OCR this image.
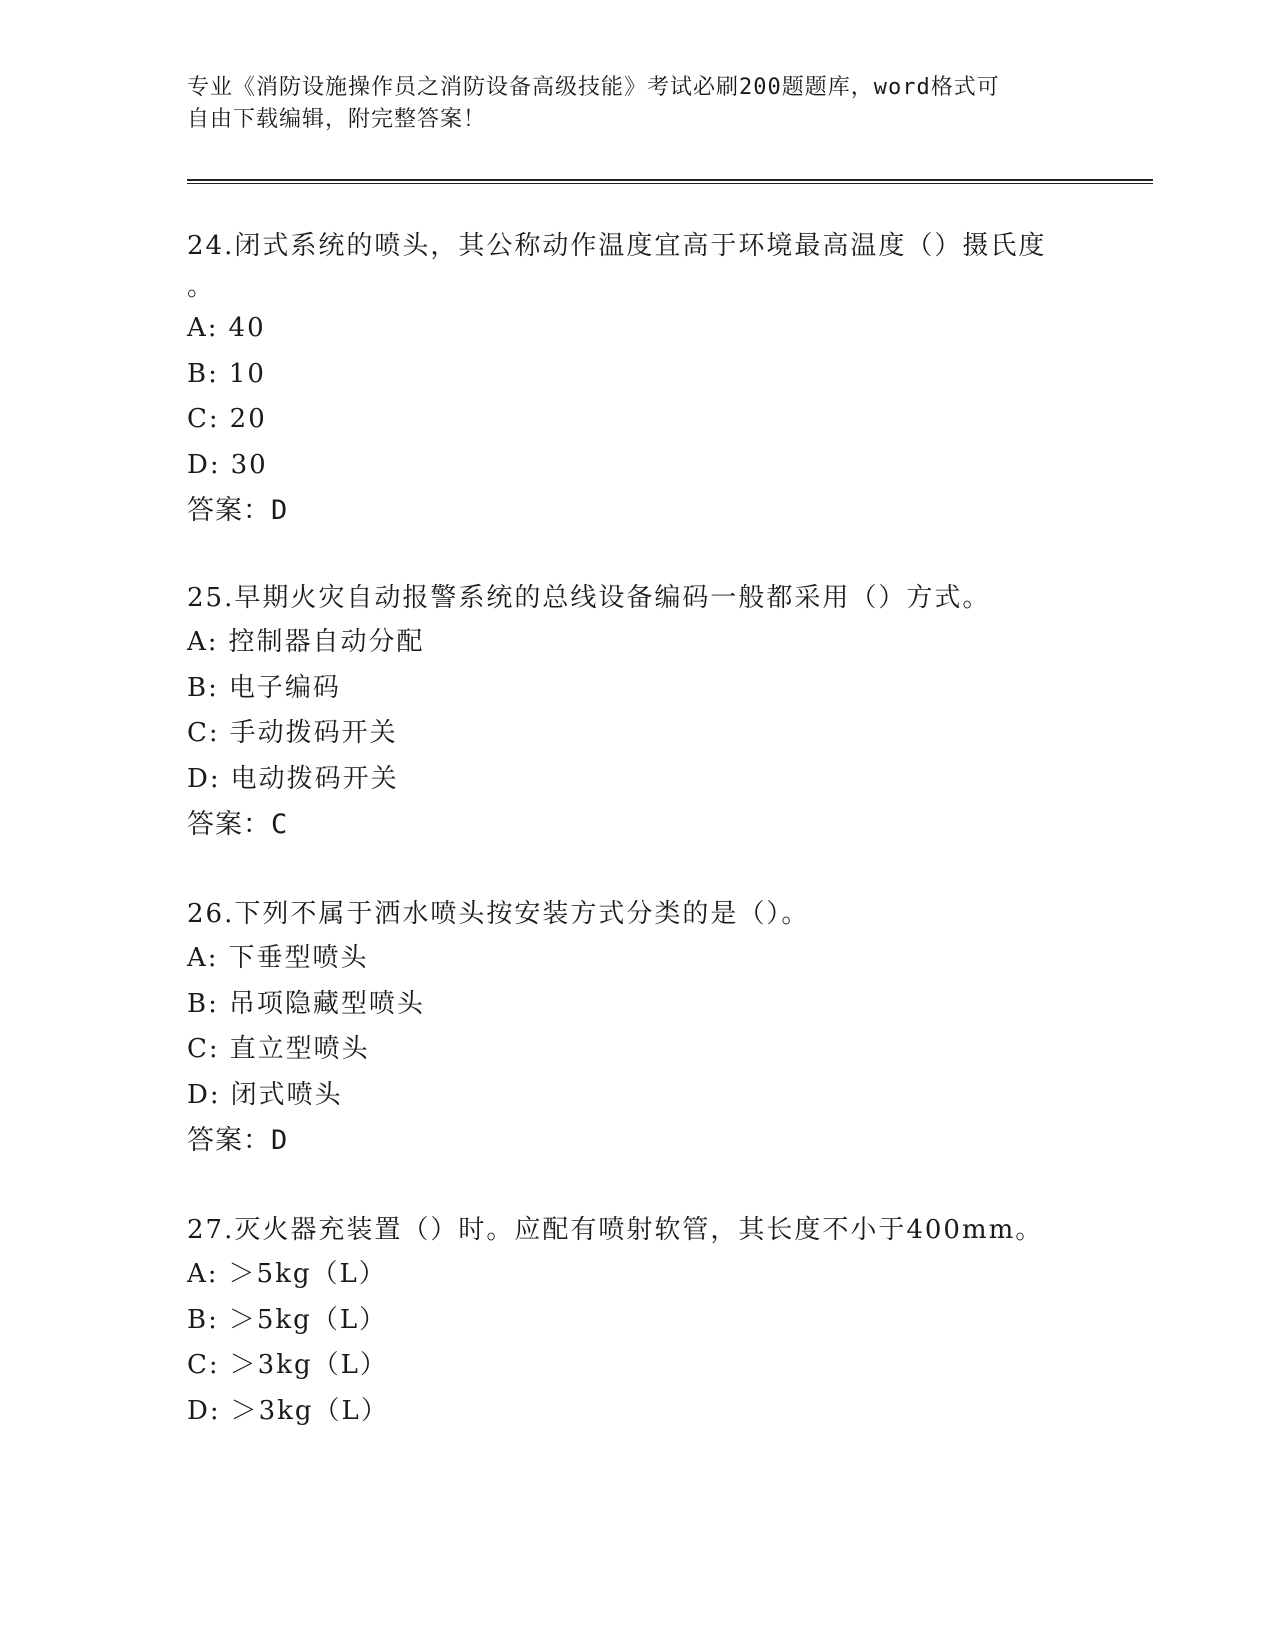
专业《消防设施操作员之消防设备高级技能》考试必刷200题题库，word格式可
自由下载编辑，附完整答案！
24.闭式系统的喷头，其公称动作温度宜高于环境最高温度（）摄氏度
。
A: 40
B: 10
C: 20
D: 30
答案：D
25.早期火灾自动报警系统的总线设备编码一般都采用（）方式。
A: 控制器自动分配
B: 电子编码
C: 手动拨码开关
D: 电动拨码开关
答案：C
26.下列不属于洒水喷头按安装方式分类的是（）。
A: 下垂型喷头
B: 吊项隐藏型喷头
C: 直立型喷头
D: 闭式喷头
答案：D
27.灭火器充装置（）时。应配有喷射软管，其长度不小于400mm。
A: ＞5kg（L）
B: ＞5kg（L）
C: ＞3kg（L）
D: ＞3kg（L）
